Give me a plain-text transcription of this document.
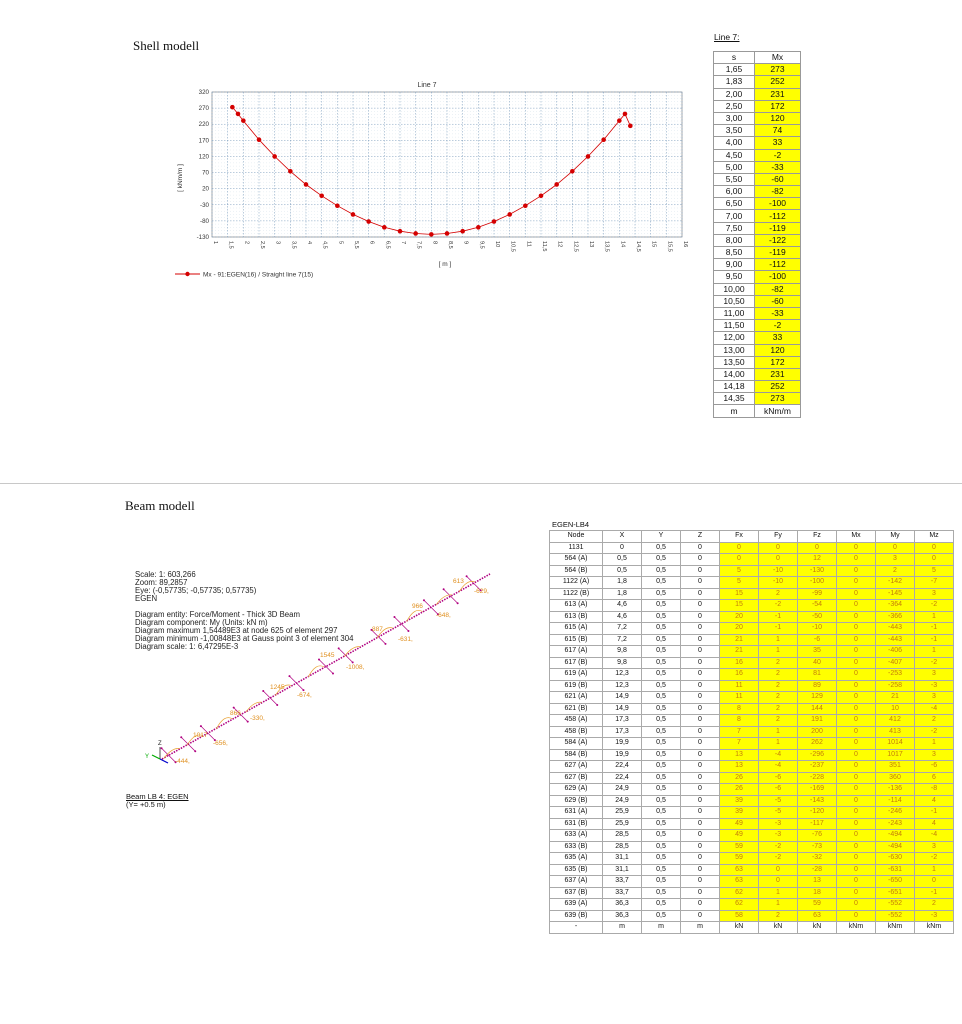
Shell modell
Line 7
[ kNm/m ]
[ m ]
320
270
220
170
120
70
20
-30
-80
-130
1 1,5 2 2,5 3 3,5 4 4,5 5 5,5 6 6,5 7 7,5 8 8,5 9 9,5 10 10,5 11 11,5 12 12,5 13 13,5 14 14,5 15 15,5 16
Mx - 91:EGEN(16) / Straight line 7(15)
Line 7:
s	Mx
1,65	273
1,83	252
2,00	231
2,50	172
3,00	120
3,50	74
4,00	33
4,50	-2
5,00	-33
5,50	-60
6,00	-82
6,50	-100
7,00	-112
7,50	-119
8,00	-122
8,50	-119
9,00	-112
9,50	-100
10,00	-82
10,50	-60
11,00	-33
11,50	-2
12,00	33
13,00	120
13,50	172
14,00	231
14,18	252
14,35	273
m	kNm/m
Beam modell
Scale: 1: 603,266
Zoom: 89,2857
Eye: (-0,57735; -0,57735; 0,57735)
EGEN

Diagram entity: Force/Moment - Thick 3D Beam
Diagram component: My (Units: kN m)
Diagram maximum 1,54489E3 at node 625 of element 297
Diagram minimum -1,00848E3 at Gauss point 3 of element 304
Diagram scale: 1: 6,47295E-3
-444,
1017
-656,
866
-330,
1245
-674,
1545
-1008,
887
-631,
966
-648,
613
-629,
Z
Y
Beam LB 4: EGEN
(Y= +0.5 m)
EGEN-LB4
Node	X	Y	Z	Fx	Fy	Fz	Mx	My	Mz
1131	0	0,5	0	0	0	0	0	0	0
564 (A)	0,5	0,5	0	0	0	12	0	3	0
564 (B)	0,5	0,5	0	5	-10	-130	0	2	5
1122 (A)	1,8	0,5	0	5	-10	-100	0	-142	-7
1122 (B)	1,8	0,5	0	15	2	-99	0	-145	3
613 (A)	4,6	0,5	0	15	-2	-54	0	-364	-2
613 (B)	4,6	0,5	0	20	-1	-50	0	-366	1
615 (A)	7,2	0,5	0	20	-1	-10	0	-443	-1
615 (B)	7,2	0,5	0	21	1	-6	0	-443	-1
617 (A)	9,8	0,5	0	21	1	35	0	-406	1
617 (B)	9,8	0,5	0	16	2	40	0	-407	-2
619 (A)	12,3	0,5	0	16	2	81	0	-253	3
619 (B)	12,3	0,5	0	11	2	89	0	-258	-3
621 (A)	14,9	0,5	0	11	2	129	0	21	3
621 (B)	14,9	0,5	0	8	2	144	0	10	-4
458 (A)	17,3	0,5	0	8	2	191	0	412	2
458 (B)	17,3	0,5	0	7	1	200	0	413	-2
584 (A)	19,9	0,5	0	7	1	262	0	1014	1
584 (B)	19,9	0,5	0	13	-4	-296	0	1017	3
627 (A)	22,4	0,5	0	13	-4	-237	0	351	-6
627 (B)	22,4	0,5	0	26	-6	-228	0	360	6
629 (A)	24,9	0,5	0	26	-6	-169	0	-136	-8
629 (B)	24,9	0,5	0	39	-5	-143	0	-114	4
631 (A)	25,9	0,5	0	39	-5	-120	0	-246	-1
631 (B)	25,9	0,5	0	49	-3	-117	0	-243	4
633 (A)	28,5	0,5	0	49	-3	-76	0	-494	-4
633 (B)	28,5	0,5	0	59	-2	-73	0	-494	3
635 (A)	31,1	0,5	0	59	-2	-32	0	-630	-2
635 (B)	31,1	0,5	0	63	0	-28	0	-631	1
637 (A)	33,7	0,5	0	63	0	13	0	-650	0
637 (B)	33,7	0,5	0	62	1	18	0	-651	-1
639 (A)	36,3	0,5	0	62	1	59	0	-552	2
639 (B)	36,3	0,5	0	58	2	63	0	-552	-3
-	m	m	m	kN	kN	kN	kNm	kNm	kNm
